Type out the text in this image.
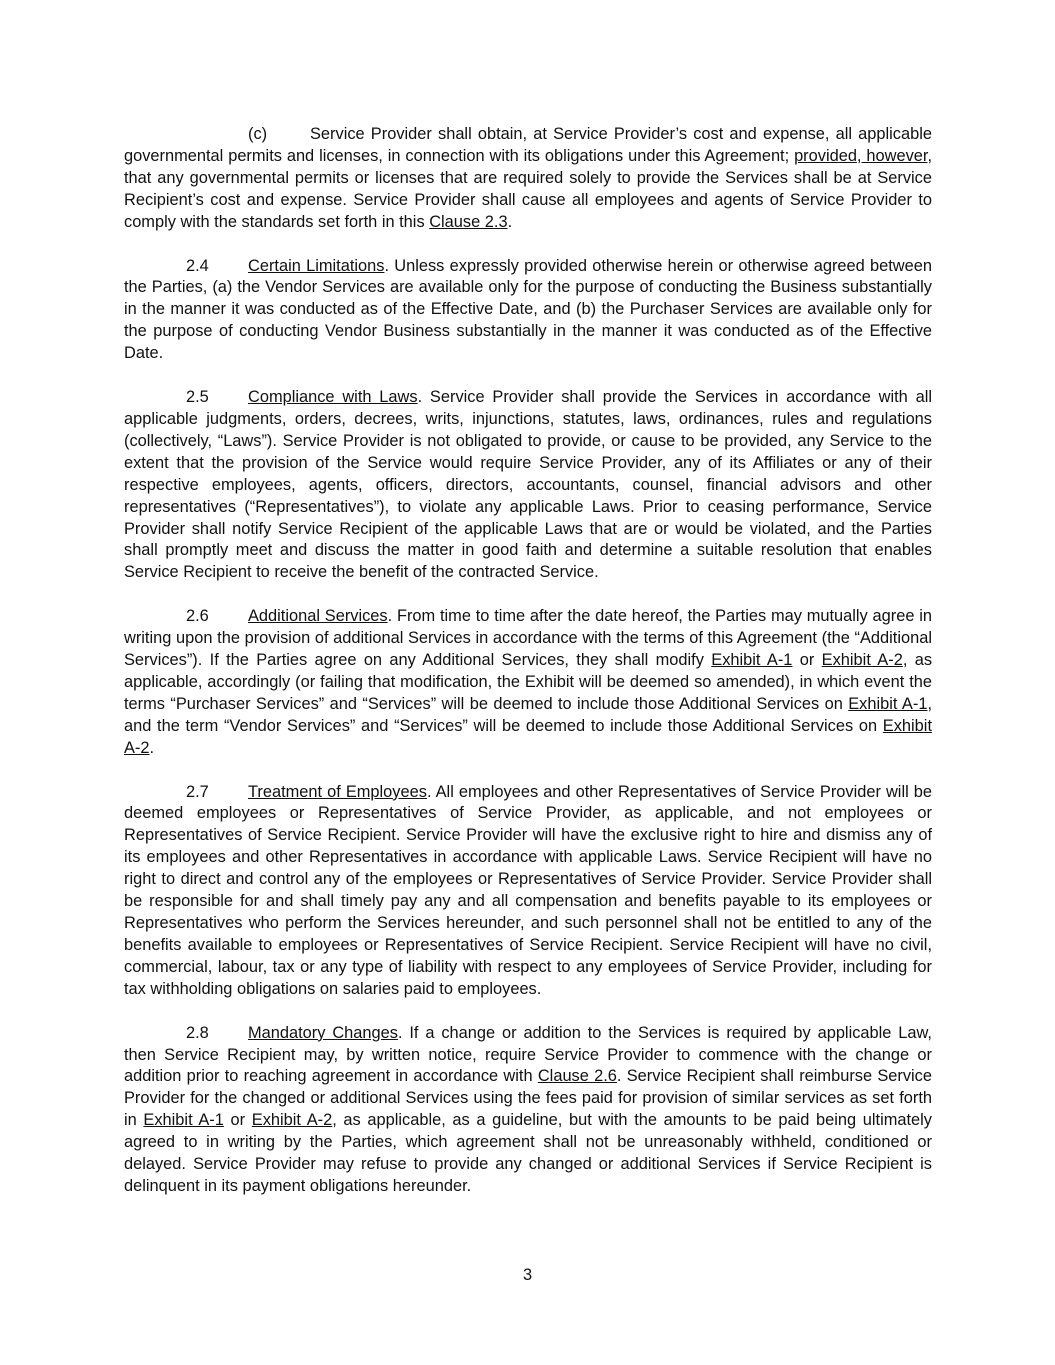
(c)	Service Provider shall obtain, at Service Provider’s cost and expense, all applicable governmental permits and licenses, in connection with its obligations under this Agreement; provided, however, that any governmental permits or licenses that are required solely to provide the Services shall be at Service Recipient’s cost and expense. Service Provider shall cause all employees and agents of Service Provider to comply with the standards set forth in this Clause 2.3.

2.4 Certain Limitations. Unless expressly provided otherwise herein or otherwise agreed between the Parties, (a) the Vendor Services are available only for the purpose of conducting the Business substantially in the manner it was conducted as of the Effective Date, and (b) the Purchaser Services are available only for the purpose of conducting Vendor Business substantially in the manner it was conducted as of the Effective Date.

2.5 Compliance with Laws. Service Provider shall provide the Services in accordance with all applicable judgments, orders, decrees, writs, injunctions, statutes, laws, ordinances, rules and regulations (collectively, “Laws”). Service Provider is not obligated to provide, or cause to be provided, any Service to the extent that the provision of the Service would require Service Provider, any of its Affiliates or any of their respective employees, agents, officers, directors, accountants, counsel, financial advisors and other representatives (“Representatives”), to violate any applicable Laws. Prior to ceasing performance, Service Provider shall notify Service Recipient of the applicable Laws that are or would be violated, and the Parties shall promptly meet and discuss the matter in good faith and determine a suitable resolution that enables Service Recipient to receive the benefit of the contracted Service.

2.6 Additional Services. From time to time after the date hereof, the Parties may mutually agree in writing upon the provision of additional Services in accordance with the terms of this Agreement (the “Additional Services”). If the Parties agree on any Additional Services, they shall modify Exhibit A-1 or Exhibit A-2, as applicable, accordingly (or failing that modification, the Exhibit will be deemed so amended), in which event the terms “Purchaser Services” and “Services” will be deemed to include those Additional Services on Exhibit A-1, and the term “Vendor Services” and “Services” will be deemed to include those Additional Services on Exhibit A-2.

2.7 Treatment of Employees. All employees and other Representatives of Service Provider will be deemed employees or Representatives of Service Provider, as applicable, and not employees or Representatives of Service Recipient. Service Provider will have the exclusive right to hire and dismiss any of its employees and other Representatives in accordance with applicable Laws. Service Recipient will have no right to direct and control any of the employees or Representatives of Service Provider. Service Provider shall be responsible for and shall timely pay any and all compensation and benefits payable to its employees or Representatives who perform the Services hereunder, and such personnel shall not be entitled to any of the benefits available to employees or Representatives of Service Recipient. Service Recipient will have no civil, commercial, labour, tax or any type of liability with respect to any employees of Service Provider, including for tax withholding obligations on salaries paid to employees.

2.8 Mandatory Changes. If a change or addition to the Services is required by applicable Law, then Service Recipient may, by written notice, require Service Provider to commence with the change or addition prior to reaching agreement in accordance with Clause 2.6. Service Recipient shall reimburse Service Provider for the changed or additional Services using the fees paid for provision of similar services as set forth in Exhibit A-1 or Exhibit A-2, as applicable, as a guideline, but with the amounts to be paid being ultimately agreed to in writing by the Parties, which agreement shall not be unreasonably withheld, conditioned or delayed. Service Provider may refuse to provide any changed or additional Services if Service Recipient is delinquent in its payment obligations hereunder.

3
